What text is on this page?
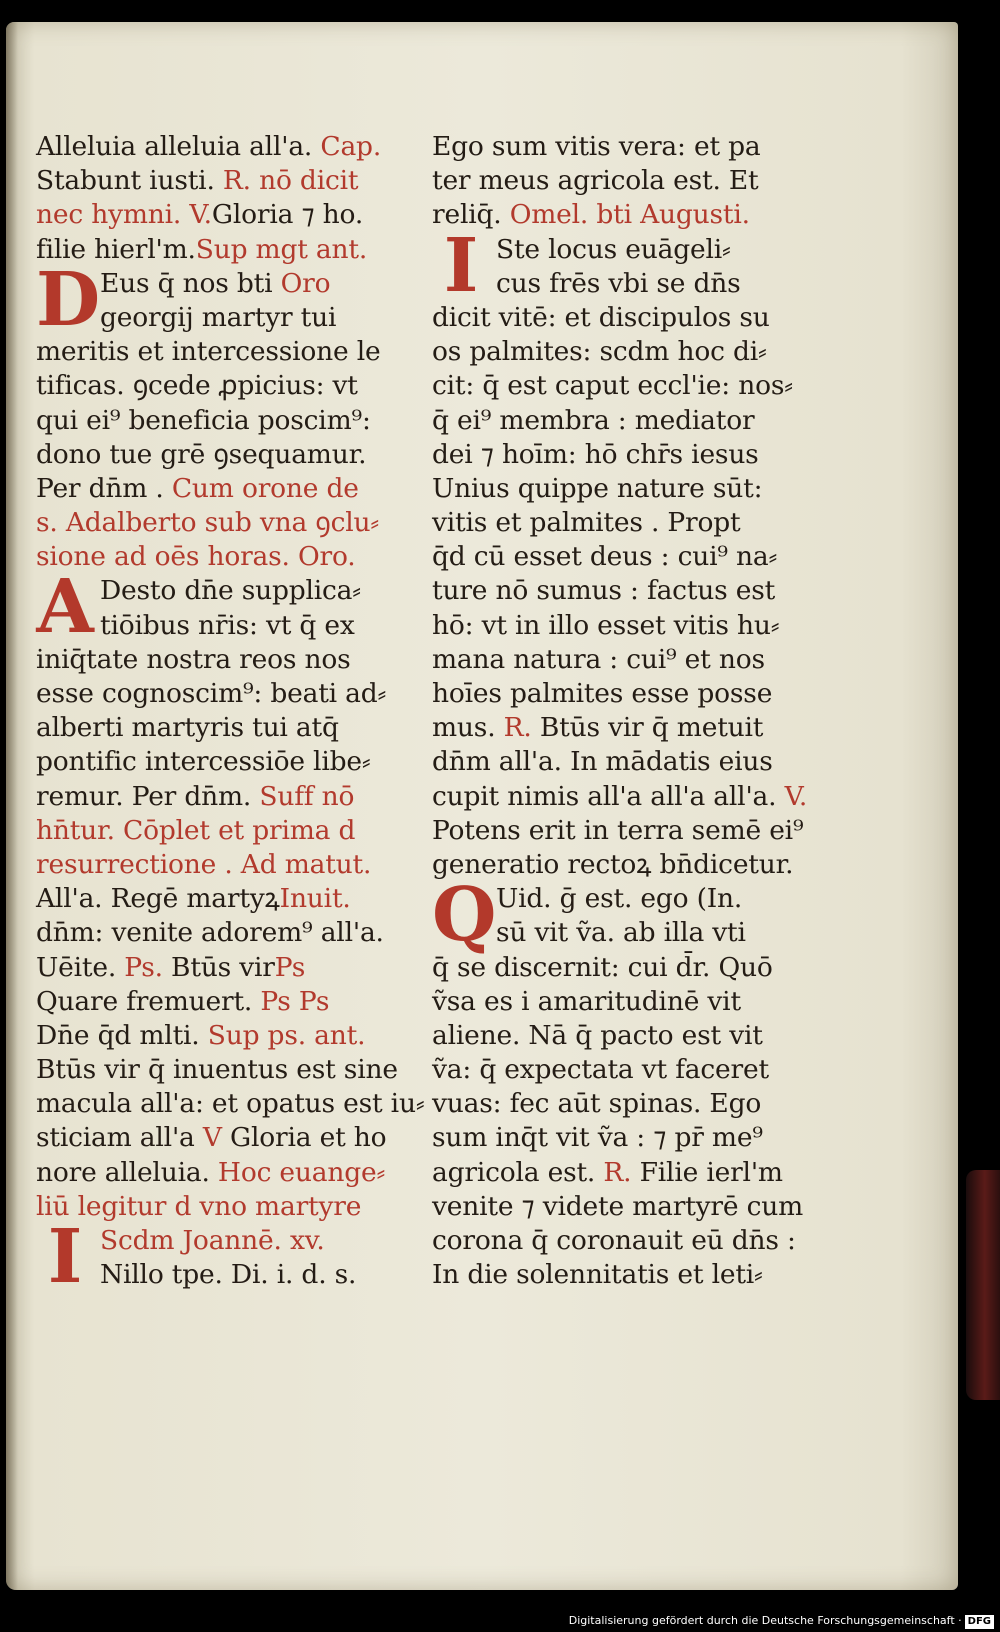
Alleluia alleluia all'a. Cap.
Stabunt iusti. R. nō dicit
nec hymni. V.Gloria ⁊ ho.
filie hierl'm.Sup mgt ant.
D Eus q̄ nos bti Oro
georgij martyr tui
meritis et intercessione le
tificas. ꝯcede ꝓpicius: vt
qui ei⁹ beneficia poscim⁹:
dono tue grē ꝯsequamur.
Per dn̄m . Cum orone de
s. Adalberto sub vna ꝯclu⸗
sione ad oēs horas. Oro.
A Desto dn̄e supplica⸗
tiōibus nr̄is: vt q̄ ex
iniq̄tate nostra reos nos
esse cognoscim⁹: beati ad⸗
alberti martyris tui atq̄
pontific intercessiōe libe⸗
remur. Per dn̄m. Suff nō
hn̄tur. Cōplet et prima d
resurrectione . Ad matut.
All'a. Regē martyꝝInuit.
dn̄m: venite adorem⁹ all'a.
Uēite. Ps. Btūs virPs
Quare fremuert. Ps Ps
Dn̄e q̄d mlti. Sup ps. ant.
Btūs vir q̄ inuentus est sine
macula all'a: et opatus est iu⸗
sticiam all'a V Gloria et ho
nore alleluia. Hoc euange⸗
liū legitur d vno martyre
I Scdm Joannē. xv.
Nillo tpe. Di. i. d. s.
Ego sum vitis vera: et pa
ter meus agricola est. Et
reliq̄. Omel. bti Augusti.
I Ste locus euāgeli⸗
cus frēs vbi se dn̄s
dicit vitē: et discipulos su
os palmites: scdm hoc di⸗
cit: q̄ est caput eccl'ie: nos⸗
q̄ ei⁹ membra : mediator
dei ⁊ hoīm: hō chr̄s iesus
Unius quippe nature sūt:
vitis et palmites . Propt
q̄d cū esset deus : cui⁹ na⸗
ture nō sumus : factus est
hō: vt in illo esset vitis hu⸗
mana natura : cui⁹ et nos
hoīes palmites esse posse
mus. R. Btūs vir q̄ metuit
dn̄m all'a. In mādatis eius
cupit nimis all'a all'a all'a. V.
Potens erit in terra semē ei⁹
generatio rectoꝝ bn̄dicetur.
Q Uid. ḡ est. ego (In.
sū vit ṽa. ab illa vti
q̄ se discernit: cui d̄r. Quō
ṽsa es i amaritudinē vit
aliene. Nā q̄ pacto est vit
ṽa: q̄ expectata vt faceret
vuas: fec aūt spinas. Ego
sum inq̄t vit ṽa : ⁊ pr̄ me⁹
agricola est. R. Filie ierl'm
venite ⁊ videte martyrē cum
corona q̄ coronauit eū dn̄s :
In die solennitatis et leti⸗
Digitalisierung gefördert durch die Deutsche Forschungsgemeinschaft · DFG
